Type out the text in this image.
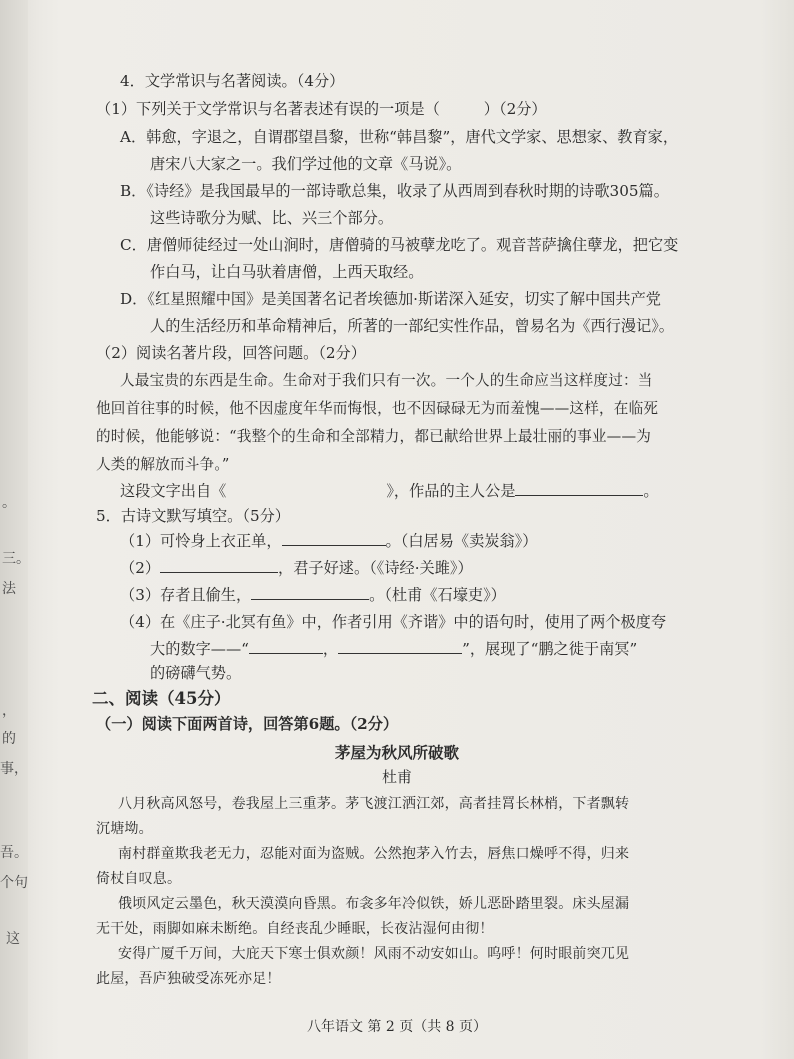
。
三。
法
，
的
事，
吾。
个句
这
4．文学常识与名著阅读。（4分）
（1）下列关于文学常识与名著表述有误的一项是（	）（2分）
A．韩愈，字退之，自谓郡望昌黎，世称“韩昌黎”，唐代文学家、思想家、教育家，
唐宋八大家之一。我们学过他的文章《马说》。
B．《诗经》是我国最早的一部诗歌总集，收录了从西周到春秋时期的诗歌305篇。
这些诗歌分为赋、比、兴三个部分。
C．唐僧师徒经过一处山涧时，唐僧骑的马被孽龙吃了。观音菩萨擒住孽龙，把它变
作白马，让白马驮着唐僧，上西天取经。
D．《红星照耀中国》是美国著名记者埃德加·斯诺深入延安，切实了解中国共产党
人的生活经历和革命精神后，所著的一部纪实性作品，曾易名为《西行漫记》。
（2）阅读名著片段，回答问题。（2分）
人最宝贵的东西是生命。生命对于我们只有一次。一个人的生命应当这样度过：当
他回首往事的时候，他不因虚度年华而悔恨，也不因碌碌无为而羞愧——这样，在临死
的时候，他能够说：“我整个的生命和全部精力，都已献给世界上最壮丽的事业——为
人类的解放而斗争。”
这段文字出自《	》，作品的主人公是	。
5．古诗文默写填空。（5分）
（1）可怜身上衣正单，	。（白居易《卖炭翁》）
（2）	，君子好逑。（《诗经·关雎》）
（3）存者且偷生，	。（杜甫《石壕吏》）
（4）在《庄子·北冥有鱼》中，作者引用《齐谐》中的语句时，使用了两个极度夸
大的数字——“	，	”，展现了“鹏之徙于南冥”
的磅礴气势。
二、阅读（45分）
（一）阅读下面两首诗，回答第6题。（2分）
茅屋为秋风所破歌
杜甫
八月秋高风怒号，卷我屋上三重茅。茅飞渡江洒江郊，高者挂罥长林梢，下者飘转
沉塘坳。
南村群童欺我老无力，忍能对面为盗贼。公然抱茅入竹去，唇焦口燥呼不得，归来
倚杖自叹息。
俄顷风定云墨色，秋天漠漠向昏黑。布衾多年冷似铁，娇儿恶卧踏里裂。床头屋漏
无干处，雨脚如麻未断绝。自经丧乱少睡眠，长夜沾湿何由彻！
安得广厦千万间，大庇天下寒士俱欢颜！风雨不动安如山。呜呼！何时眼前突兀见
此屋，吾庐独破受冻死亦足！
八年语文 第 2 页（共 8 页）
